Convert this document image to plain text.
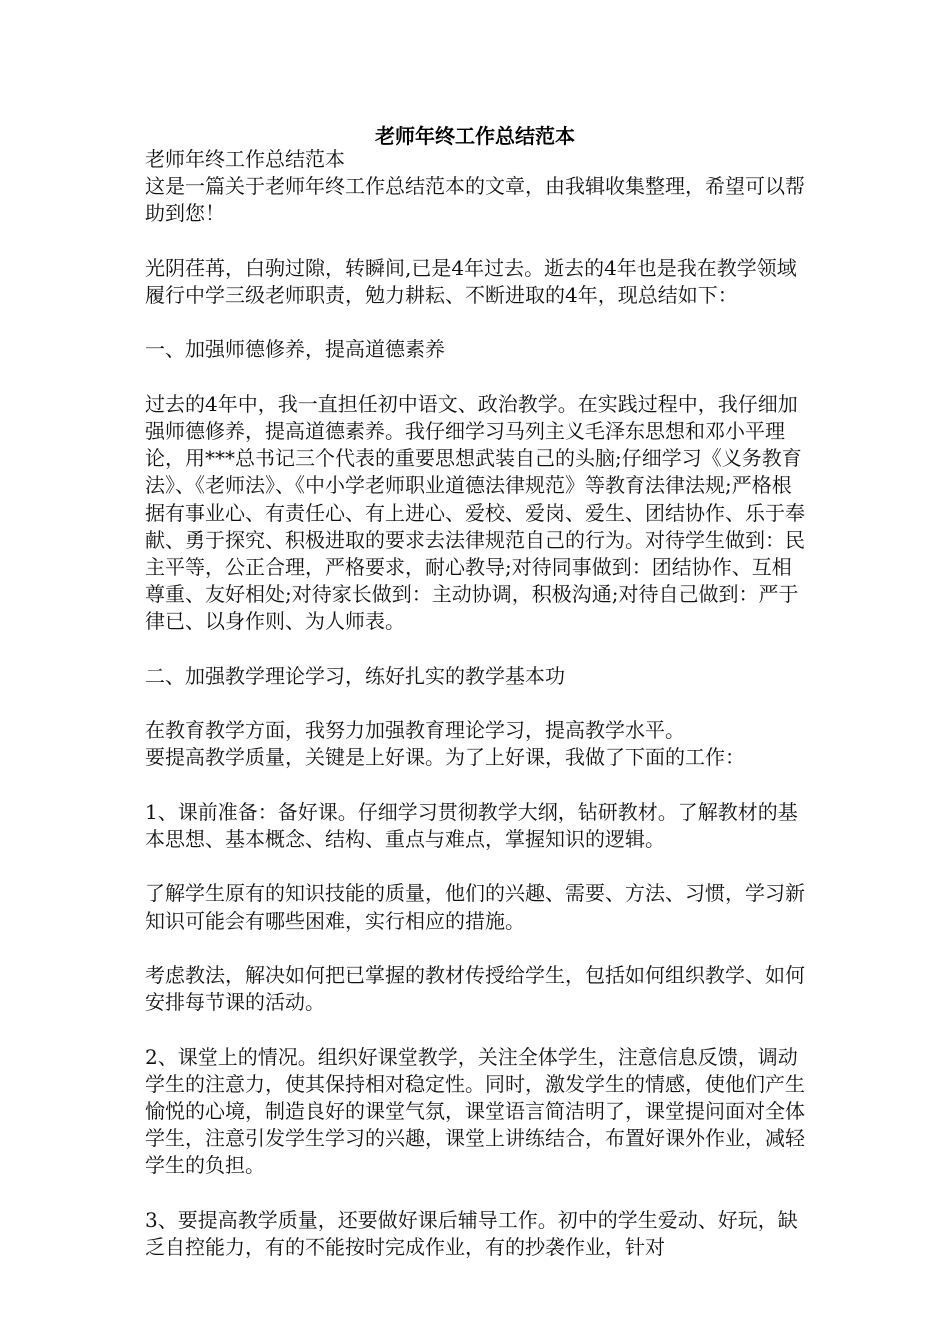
老师年终工作总结范本

老师年终工作总结范本

这是一篇关于老师年终工作总结范本的文章，由我辑收集整理，希望可以帮助到您！

光阴荏苒，白驹过隙，转瞬间,已是4年过去。逝去的4年也是我在教学领域履行中学三级老师职责，勉力耕耘、不断进取的4年，现总结如下：

一、加强师德修养，提高道德素养

过去的4年中，我一直担任初中语文、政治教学。在实践过程中，我仔细加强师德修养，提高道德素养。我仔细学习马列主义毛泽东思想和邓小平理论，用***总书记三个代表的重要思想武装自己的头脑;仔细学习《义务教育法》、《老师法》、《中小学老师职业道德法律规范》等教育法律法规;严格根据有事业心、有责任心、有上进心、爱校、爱岗、爱生、团结协作、乐于奉献、勇于探究、积极进取的要求去法律规范自己的行为。对待学生做到：民主平等，公正合理，严格要求，耐心教导;对待同事做到：团结协作、互相尊重、友好相处;对待家长做到：主动协调，积极沟通;对待自己做到：严于律已、以身作则、为人师表。

二、加强教学理论学习，练好扎实的教学基本功

在教育教学方面，我努力加强教育理论学习，提高教学水平。

要提高教学质量，关键是上好课。为了上好课，我做了下面的工作：

1、课前准备：备好课。仔细学习贯彻教学大纲，钻研教材。了解教材的基本思想、基本概念、结构、重点与难点，掌握知识的逻辑。

了解学生原有的知识技能的质量，他们的兴趣、需要、方法、习惯，学习新知识可能会有哪些困难，实行相应的措施。

考虑教法，解决如何把已掌握的教材传授给学生，包括如何组织教学、如何安排每节课的活动。

2、课堂上的情况。组织好课堂教学，关注全体学生，注意信息反馈，调动学生的注意力，使其保持相对稳定性。同时，激发学生的情感，使他们产生愉悦的心境，制造良好的课堂气氛，课堂语言简洁明了，课堂提问面对全体学生，注意引发学生学习的兴趣，课堂上讲练结合，布置好课外作业，减轻学生的负担。

3、要提高教学质量，还要做好课后辅导工作。初中的学生爱动、好玩，缺乏自控能力，有的不能按时完成作业，有的抄袭作业，针对
